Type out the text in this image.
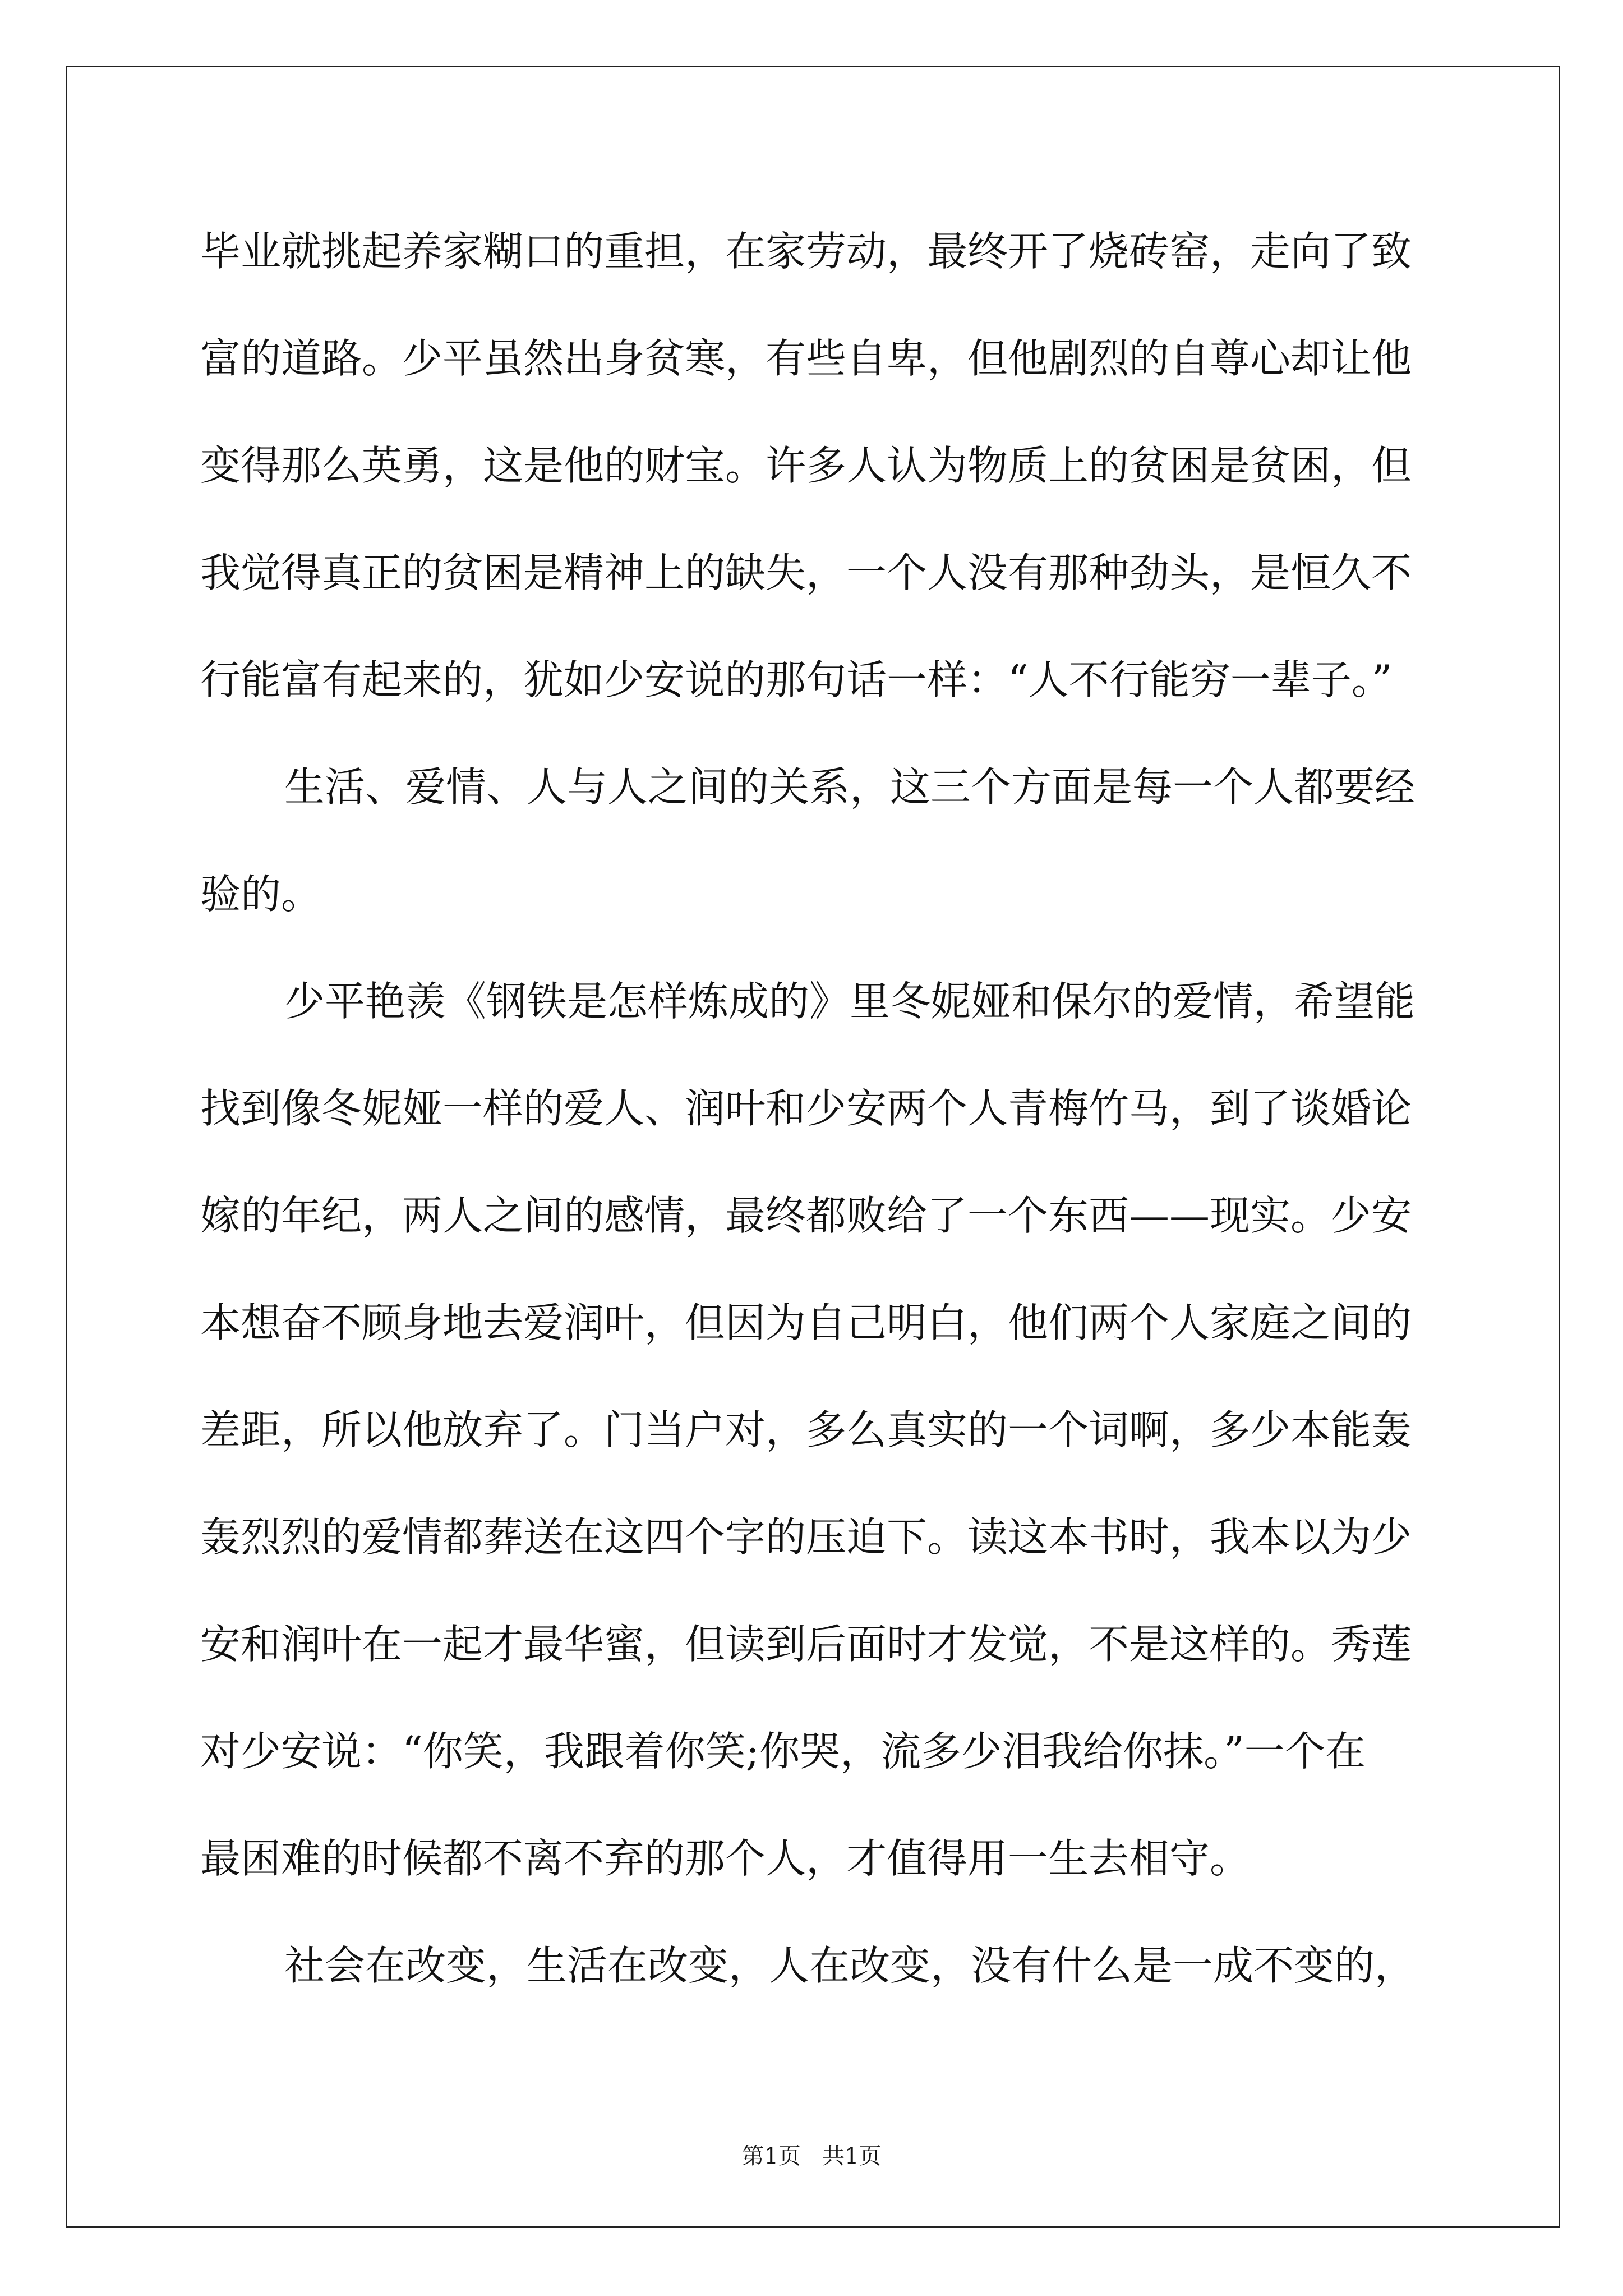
毕业就挑起养家糊口的重担，在家劳动，最终开了烧砖窑，走向了致
富的道路。少平虽然出身贫寒，有些自卑，但他剧烈的自尊心却让他
变得那么英勇，这是他的财宝。许多人认为物质上的贫困是贫困，但
我觉得真正的贫困是精神上的缺失，一个人没有那种劲头，是恒久不
行能富有起来的，犹如少安说的那句话一样：“人不行能穷一辈子。”
生活、爱情、人与人之间的关系，这三个方面是每一个人都要经
验的。
少平艳羡《钢铁是怎样炼成的》里冬妮娅和保尔的爱情，希望能
找到像冬妮娅一样的爱人、润叶和少安两个人青梅竹马，到了谈婚论
嫁的年纪，两人之间的感情，最终都败给了一个东西——现实。少安
本想奋不顾身地去爱润叶，但因为自己明白，他们两个人家庭之间的
差距，所以他放弃了。门当户对，多么真实的一个词啊，多少本能轰
轰烈烈的爱情都葬送在这四个字的压迫下。读这本书时，我本以为少
安和润叶在一起才最华蜜，但读到后面时才发觉，不是这样的。秀莲
对少安说：“你笑，我跟着你笑;你哭，流多少泪我给你抹。”一个在
最困难的时候都不离不弃的那个人，才值得用一生去相守。
社会在改变，生活在改变，人在改变，没有什么是一成不变的，
第1页   共1页
